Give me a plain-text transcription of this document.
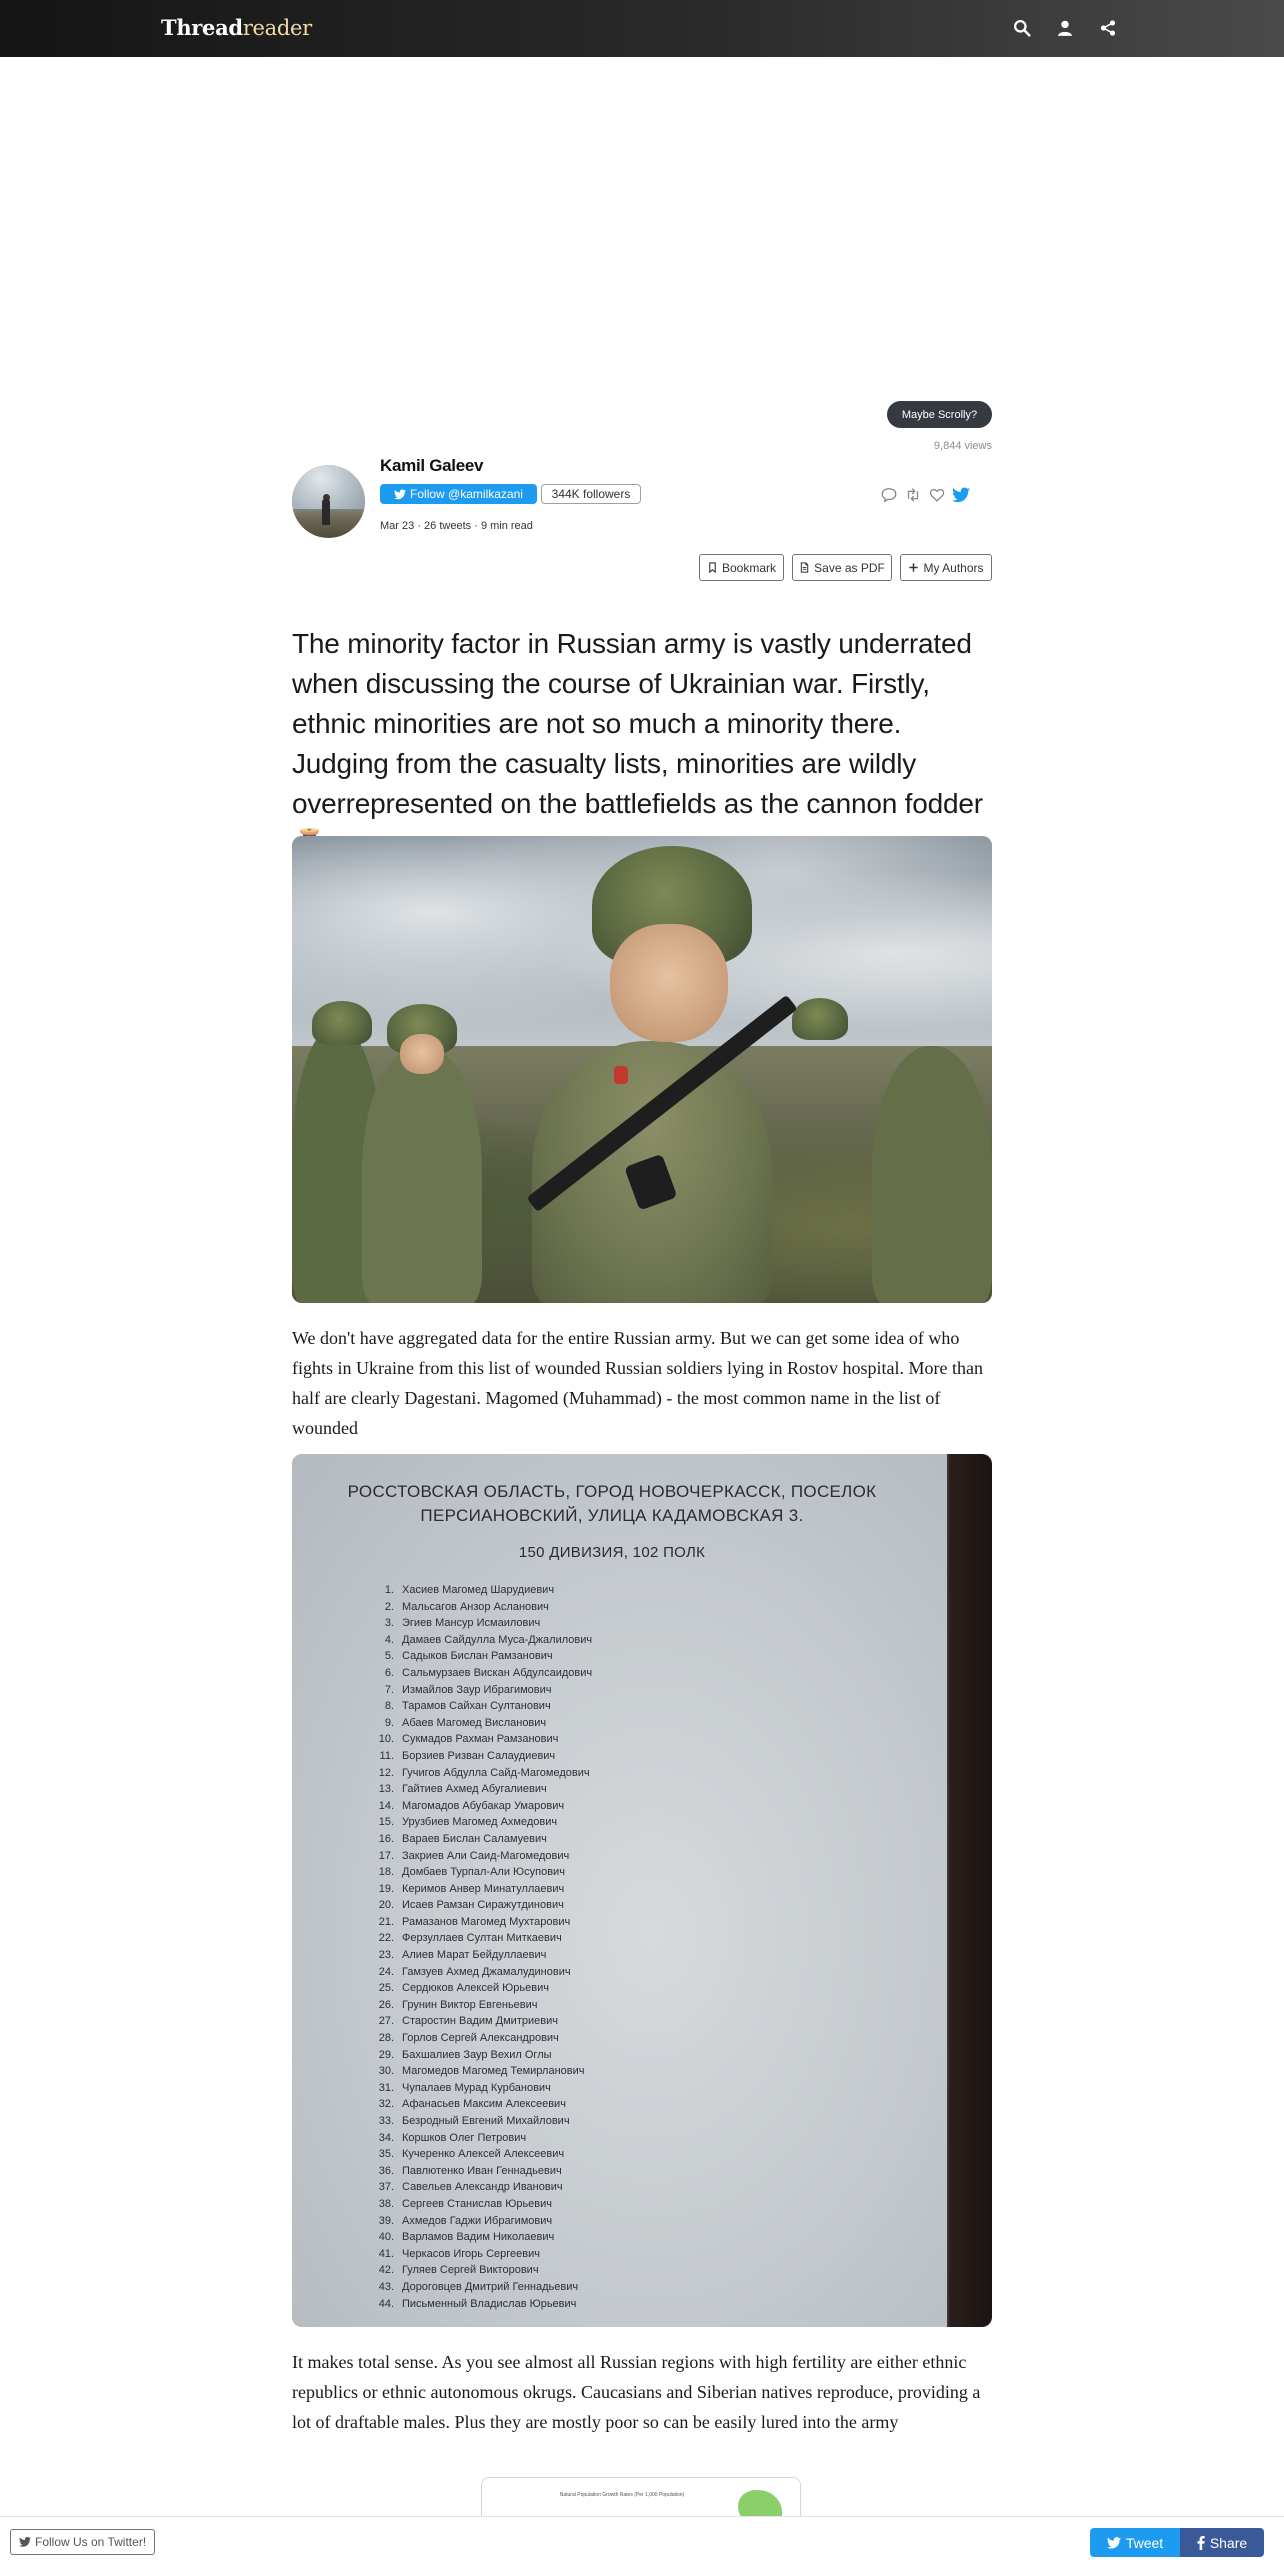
Threadreader
Maybe Scrolly?
9,844 views
Kamil Galeev
Follow @kamilkazani	344K followers
Mar 23 · 26 tweets · 9 min read
Bookmark	Save as PDF	My Authors
The minority factor in Russian army is vastly underrated when discussing the course of Ukrainian war. Firstly, ethnic minorities are not so much a minority there. Judging from the casualty lists, minorities are wildly overrepresented on the battlefields as the cannon fodder
We don't have aggregated data for the entire Russian army. But we can get some idea of who fights in Ukraine from this list of wounded Russian soldiers lying in Rostov hospital. More than half are clearly Dagestani. Magomed (Muhammad) - the most common name in the list of wounded
РОССТОВСКАЯ ОБЛАСТЬ, ГОРОД НОВОЧЕРКАССК, ПОСЕЛОК
ПЕРСИАНОВСКИЙ, УЛИЦА КАДАМОВСКАЯ 3.
150 ДИВИЗИЯ, 102 ПОЛК
1. Хасиев Магомед Шарудиевич
2. Мальсагов Анзор Асланович
3. Эгиев Мансур Исмаилович
4. Дамаев Сайдулла Муса-Джалилович
5. Садыков Бислан Рамзанович
6. Сальмурзаев Вискан Абдулсаидович
7. Измайлов Заур Ибрагимович
8. Тарамов Сайхан Султанович
9. Абаев Магомед Висланович
10. Сукмадов Рахман Рамзанович
11. Борзиев Ризван Салаудиевич
12. Гучигов Абдулла Сайд-Магомедович
13. Гайтиев Ахмед Абугалиевич
14. Магомадов Абубакар Умарович
15. Урузбиев Магомед Ахмедович
16. Вараев Бислан Саламуевич
17. Закриев Али Саид-Магомедович
18. Домбаев Турпал-Али Юсупович
19. Керимов Анвер Минатуллаевич
20. Исаев Рамзан Сиражутдинович
21. Рамазанов Магомед Мухтарович
22. Ферзуллаев Султан Миткаевич
23. Алиев Марат Бейдуллаевич
24. Гамзуев Ахмед Джамалудинович
25. Сердюков Алексей Юрьевич
26. Грунин Виктор Евгеньевич
27. Старостин Вадим Дмитриевич
28. Горлов Сергей Александрович
29. Бахшалиев Заур Вехил Оглы
30. Магомедов Магомед Темирланович
31. Чупалаев Мурад Курбанович
32. Афанасьев Максим Алексеевич
33. Безродный Евгений Михайлович
34. Коршков Олег Петрович
35. Кучеренко Алексей Алексеевич
36. Павлютенко Иван Геннадьевич
37. Савельев Александр Иванович
38. Сергеев Станислав Юрьевич
39. Ахмедов Гаджи Ибрагимович
40. Варламов Вадим Николаевич
41. Черкасов Игорь Сергеевич
42. Гуляев Сергей Викторович
43. Дороговцев Дмитрий Геннадьевич
44. Письменный Владислав Юрьевич
It makes total sense. As you see almost all Russian regions with high fertility are either ethnic republics or ethnic autonomous okrugs. Caucasians and Siberian natives reproduce, providing a lot of draftable males. Plus they are mostly poor so can be easily lured into the army
Natural Population Growth Rates (Per 1,000 Population)
Follow Us on Twitter!	Tweet	Share
